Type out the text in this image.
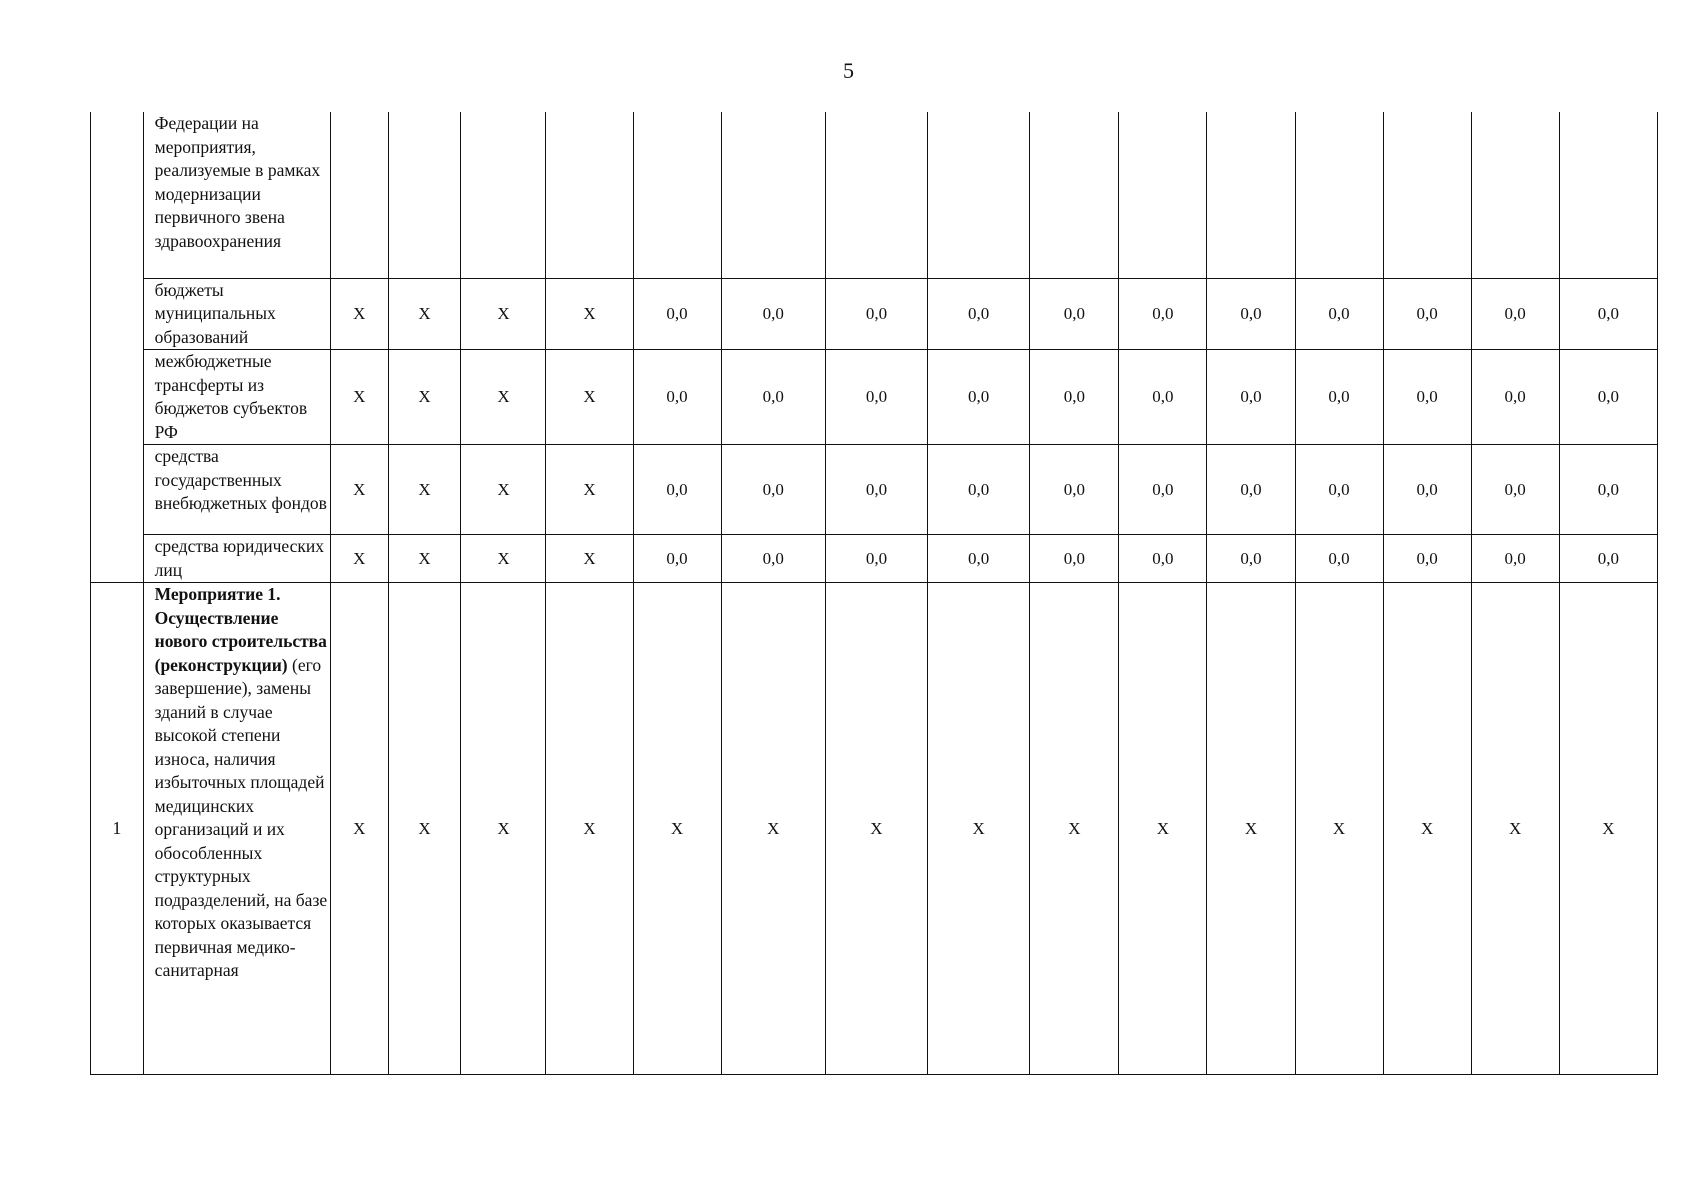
5
	Федерации на мероприятия, реализуемые в рамках модернизации первичного звена здравоохранения															
	бюджеты муниципальных образований	X	X	X	X	0,0	0,0	0,0	0,0	0,0	0,0	0,0	0,0	0,0	0,0	0,0
	межбюджетные трансферты из бюджетов субъектов РФ	X	X	X	X	0,0	0,0	0,0	0,0	0,0	0,0	0,0	0,0	0,0	0,0	0,0
	средства государственных внебюджетных фондов	X	X	X	X	0,0	0,0	0,0	0,0	0,0	0,0	0,0	0,0	0,0	0,0	0,0
	средства юридических лиц	X	X	X	X	0,0	0,0	0,0	0,0	0,0	0,0	0,0	0,0	0,0	0,0	0,0
1	Мероприятие 1. Осуществление нового строительства (реконструкции) (его завершение), замены зданий в случае высокой степени износа, наличия избыточных площадей медицинских организаций и их обособленных структурных подразделений, на базе которых оказывается первичная медико-санитарная	X	X	X	X	X	X	X	X	X	X	X	X	X	X	X
